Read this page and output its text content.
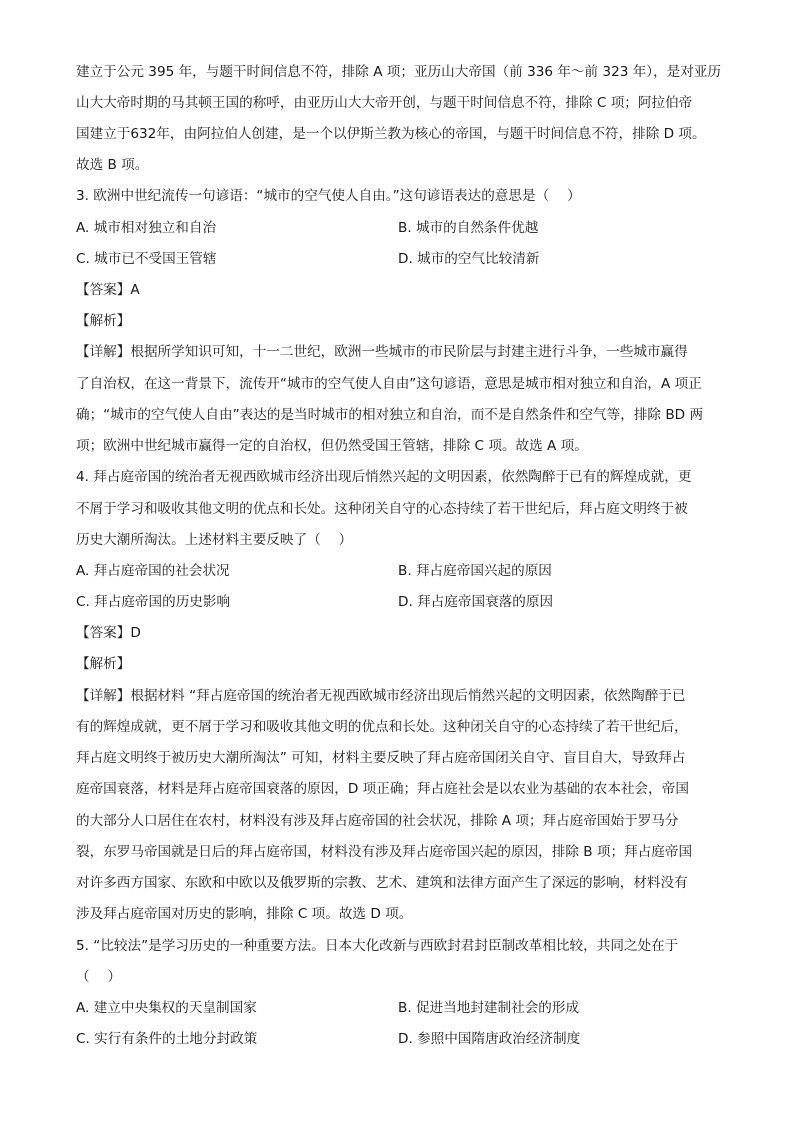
建立于公元 395 年，与题干时间信息不符，排除 A 项；亚历山大帝国（前 336 年～前 323 年），是对亚历
山大大帝时期的马其顿王国的称呼，由亚历山大大帝开创，与题干时间信息不符，排除 C 项；阿拉伯帝
国建立于632年，由阿拉伯人创建，是一个以伊斯兰教为核心的帝国，与题干时间信息不符，排除 D 项。
故选 B 项。
3. 欧洲中世纪流传一句谚语：“城市的空气使人自由。”这句谚语表达的意思是（　 ）
A. 城市相对独立和自治	B. 城市的自然条件优越
C. 城市已不受国王管辖	D. 城市的空气比较清新
【答案】A
【解析】
【详解】根据所学知识可知，十一二世纪，欧洲一些城市的市民阶层与封建主进行斗争，一些城市赢得
了自治权，在这一背景下，流传开“城市的空气使人自由”这句谚语，意思是城市相对独立和自治，A 项正
确；“城市的空气使人自由”表达的是当时城市的相对独立和自治，而不是自然条件和空气等，排除 BD 两
项；欧洲中世纪城市赢得一定的自治权，但仍然受国王管辖，排除 C 项。故选 A 项。
4. 拜占庭帝国的统治者无视西欧城市经济出现后悄然兴起的文明因素，依然陶醉于已有的辉煌成就，更
不屑于学习和吸收其他文明的优点和长处。这种闭关自守的心态持续了若干世纪后，拜占庭文明终于被
历史大潮所淘汰。上述材料主要反映了（　 ）
A. 拜占庭帝国的社会状况	B. 拜占庭帝国兴起的原因
C. 拜占庭帝国的历史影响	D. 拜占庭帝国衰落的原因
【答案】D
【解析】
【详解】根据材料 “拜占庭帝国的统治者无视西欧城市经济出现后悄然兴起的文明因素，依然陶醉于已
有的辉煌成就，更不屑于学习和吸收其他文明的优点和长处。这种闭关自守的心态持续了若干世纪后，
拜占庭文明终于被历史大潮所淘汰” 可知，材料主要反映了拜占庭帝国闭关自守、盲目自大，导致拜占
庭帝国衰落，材料是拜占庭帝国衰落的原因，D 项正确；拜占庭社会是以农业为基础的农本社会，帝国
的大部分人口居住在农村，材料没有涉及拜占庭帝国的社会状况，排除 A 项；拜占庭帝国始于罗马分
裂，东罗马帝国就是日后的拜占庭帝国，材料没有涉及拜占庭帝国兴起的原因，排除 B 项；拜占庭帝国
对许多西方国家、东欧和中欧以及俄罗斯的宗教、艺术、建筑和法律方面产生了深远的影响，材料没有
涉及拜占庭帝国对历史的影响，排除 C 项。故选 D 项。
5. “比较法”是学习历史的一种重要方法。日本大化改新与西欧封君封臣制改革相比较，共同之处在于
（　 ）
A. 建立中央集权的天皇制国家	B. 促进当地封建制社会的形成
C. 实行有条件的土地分封政策	D. 参照中国隋唐政治经济制度
